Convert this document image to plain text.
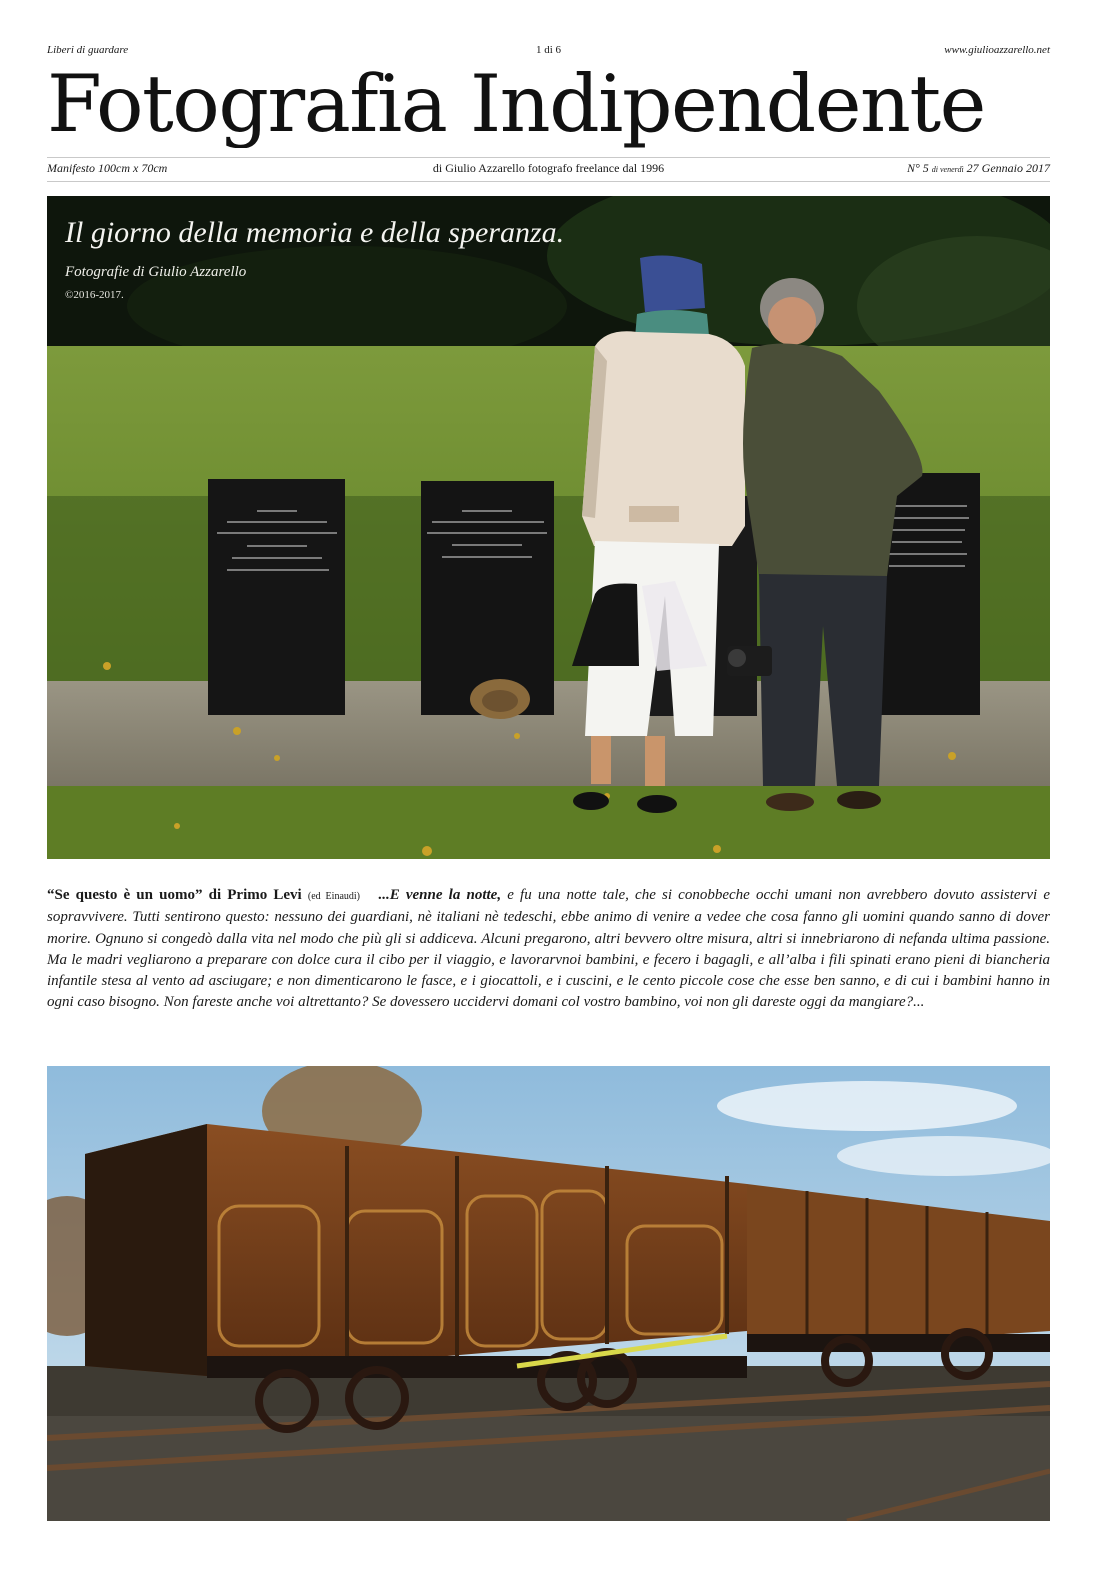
Liberi di guardare	1 di 6	www.giulioazzarello.net
Fotografia Indipendente
Manifesto 100cm x 70cm	di Giulio Azzarello fotografo freelance dal 1996	N° 5 di venerdì 27 Gennaio 2017
Il giorno della memoria e della speranza.
Fotografie di Giulio Azzarello
©2016-2017.
“Se questo è un uomo” di Primo Levi (ed Einaudi) ...E venne la notte, e fu una notte tale, che si conobbeche occhi umani non avrebbero dovuto assistervi e sopravvivere. Tutti sentirono questo: nessuno dei guardiani, nè italiani nè tedeschi, ebbe animo di venire a vedee che cosa fanno gli uomini quando sanno di dover morire. Ognuno si congedò dalla vita nel modo che più gli si addiceva. Alcuni pregarono, altri bevvero oltre misura, altri si innebriarono di nefanda ultima passione. Ma le madri vegliarono a preparare con dolce cura il cibo per il viaggio, e lavorarvnoi bambini, e fecero i bagagli, e all’alba i fili spinati erano pieni di biancheria infantile stesa al vento ad asciugare; e non dimenticarono le fasce, e i giocattoli, e i cuscini, e le cento piccole cose che esse ben sanno, e di cui i bambini hanno in ogni caso bisogno. Non fareste anche voi altrettanto? Se dovessero uccidervi domani col vostro bambino, voi non gli dareste oggi da mangiare?...
